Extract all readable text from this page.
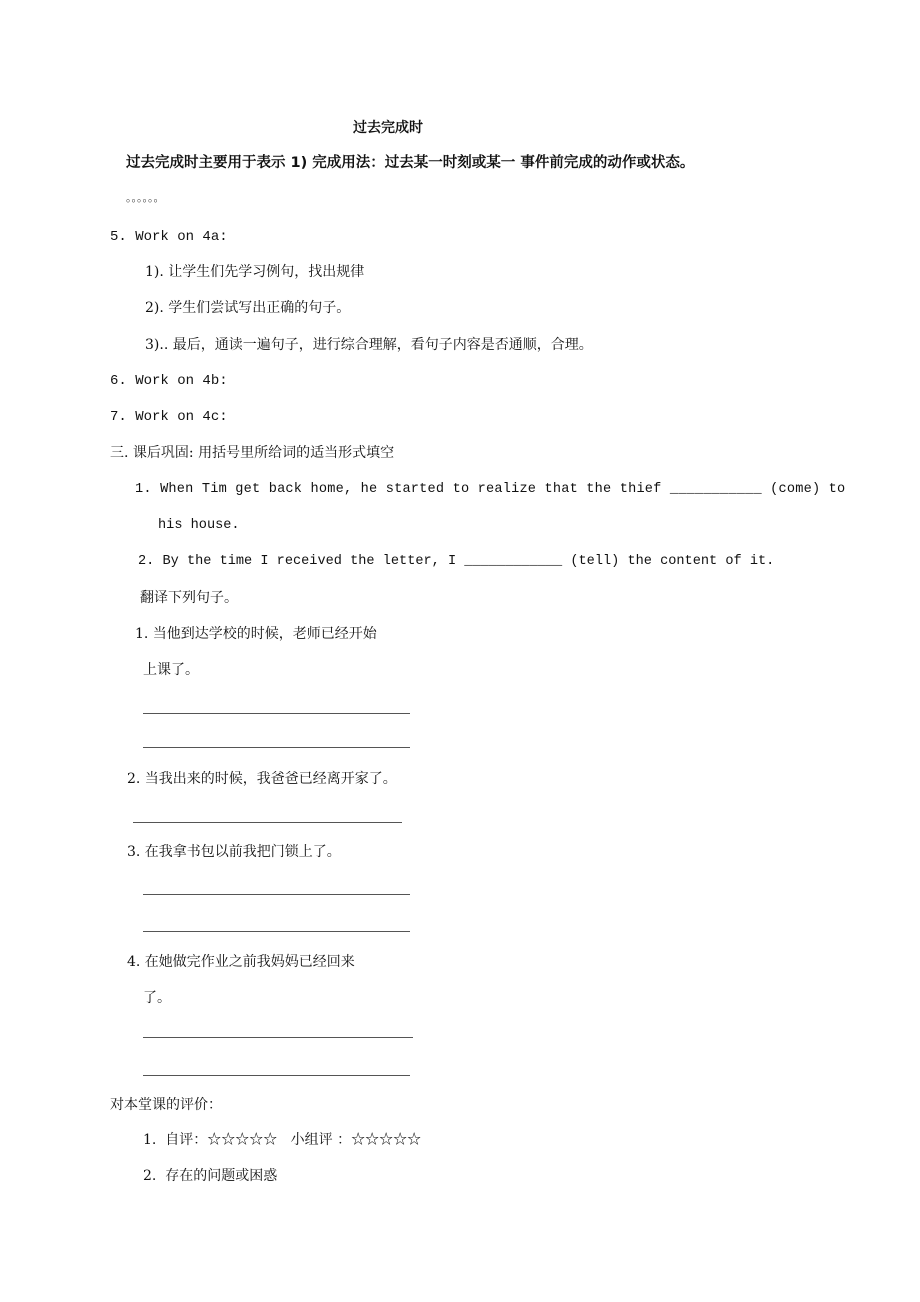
过去完成时
过去完成时主要用于表示 1) 完成用法：过去某一时刻或某一 事件前完成的动作或状态。
。。。。。。
5. Work on 4a:
1). 让学生们先学习例句，找出规律
2). 学生们尝试写出正确的句子。
3).. 最后，通读一遍句子，进行综合理解，看句子内容是否通顺，合理。
6. Work on 4b:
7. Work on 4c:
三. 课后巩固: 用括号里所给词的适当形式填空
1. When Tim get back home, he started to realize that the thief ___________ (come) to
his house.
2. By the time I received the letter, I ____________ (tell) the content of it.
翻译下列句子。
1. 当他到达学校的时候，老师已经开始
上课了。
2. 当我出来的时候，我爸爸已经离开家了。
3. 在我拿书包以前我把门锁上了。
4. 在她做完作业之前我妈妈已经回来
了。
对本堂课的评价：
1.  自评：☆☆☆☆☆ 小组评 ：☆☆☆☆☆
2.  存在的问题或困惑
